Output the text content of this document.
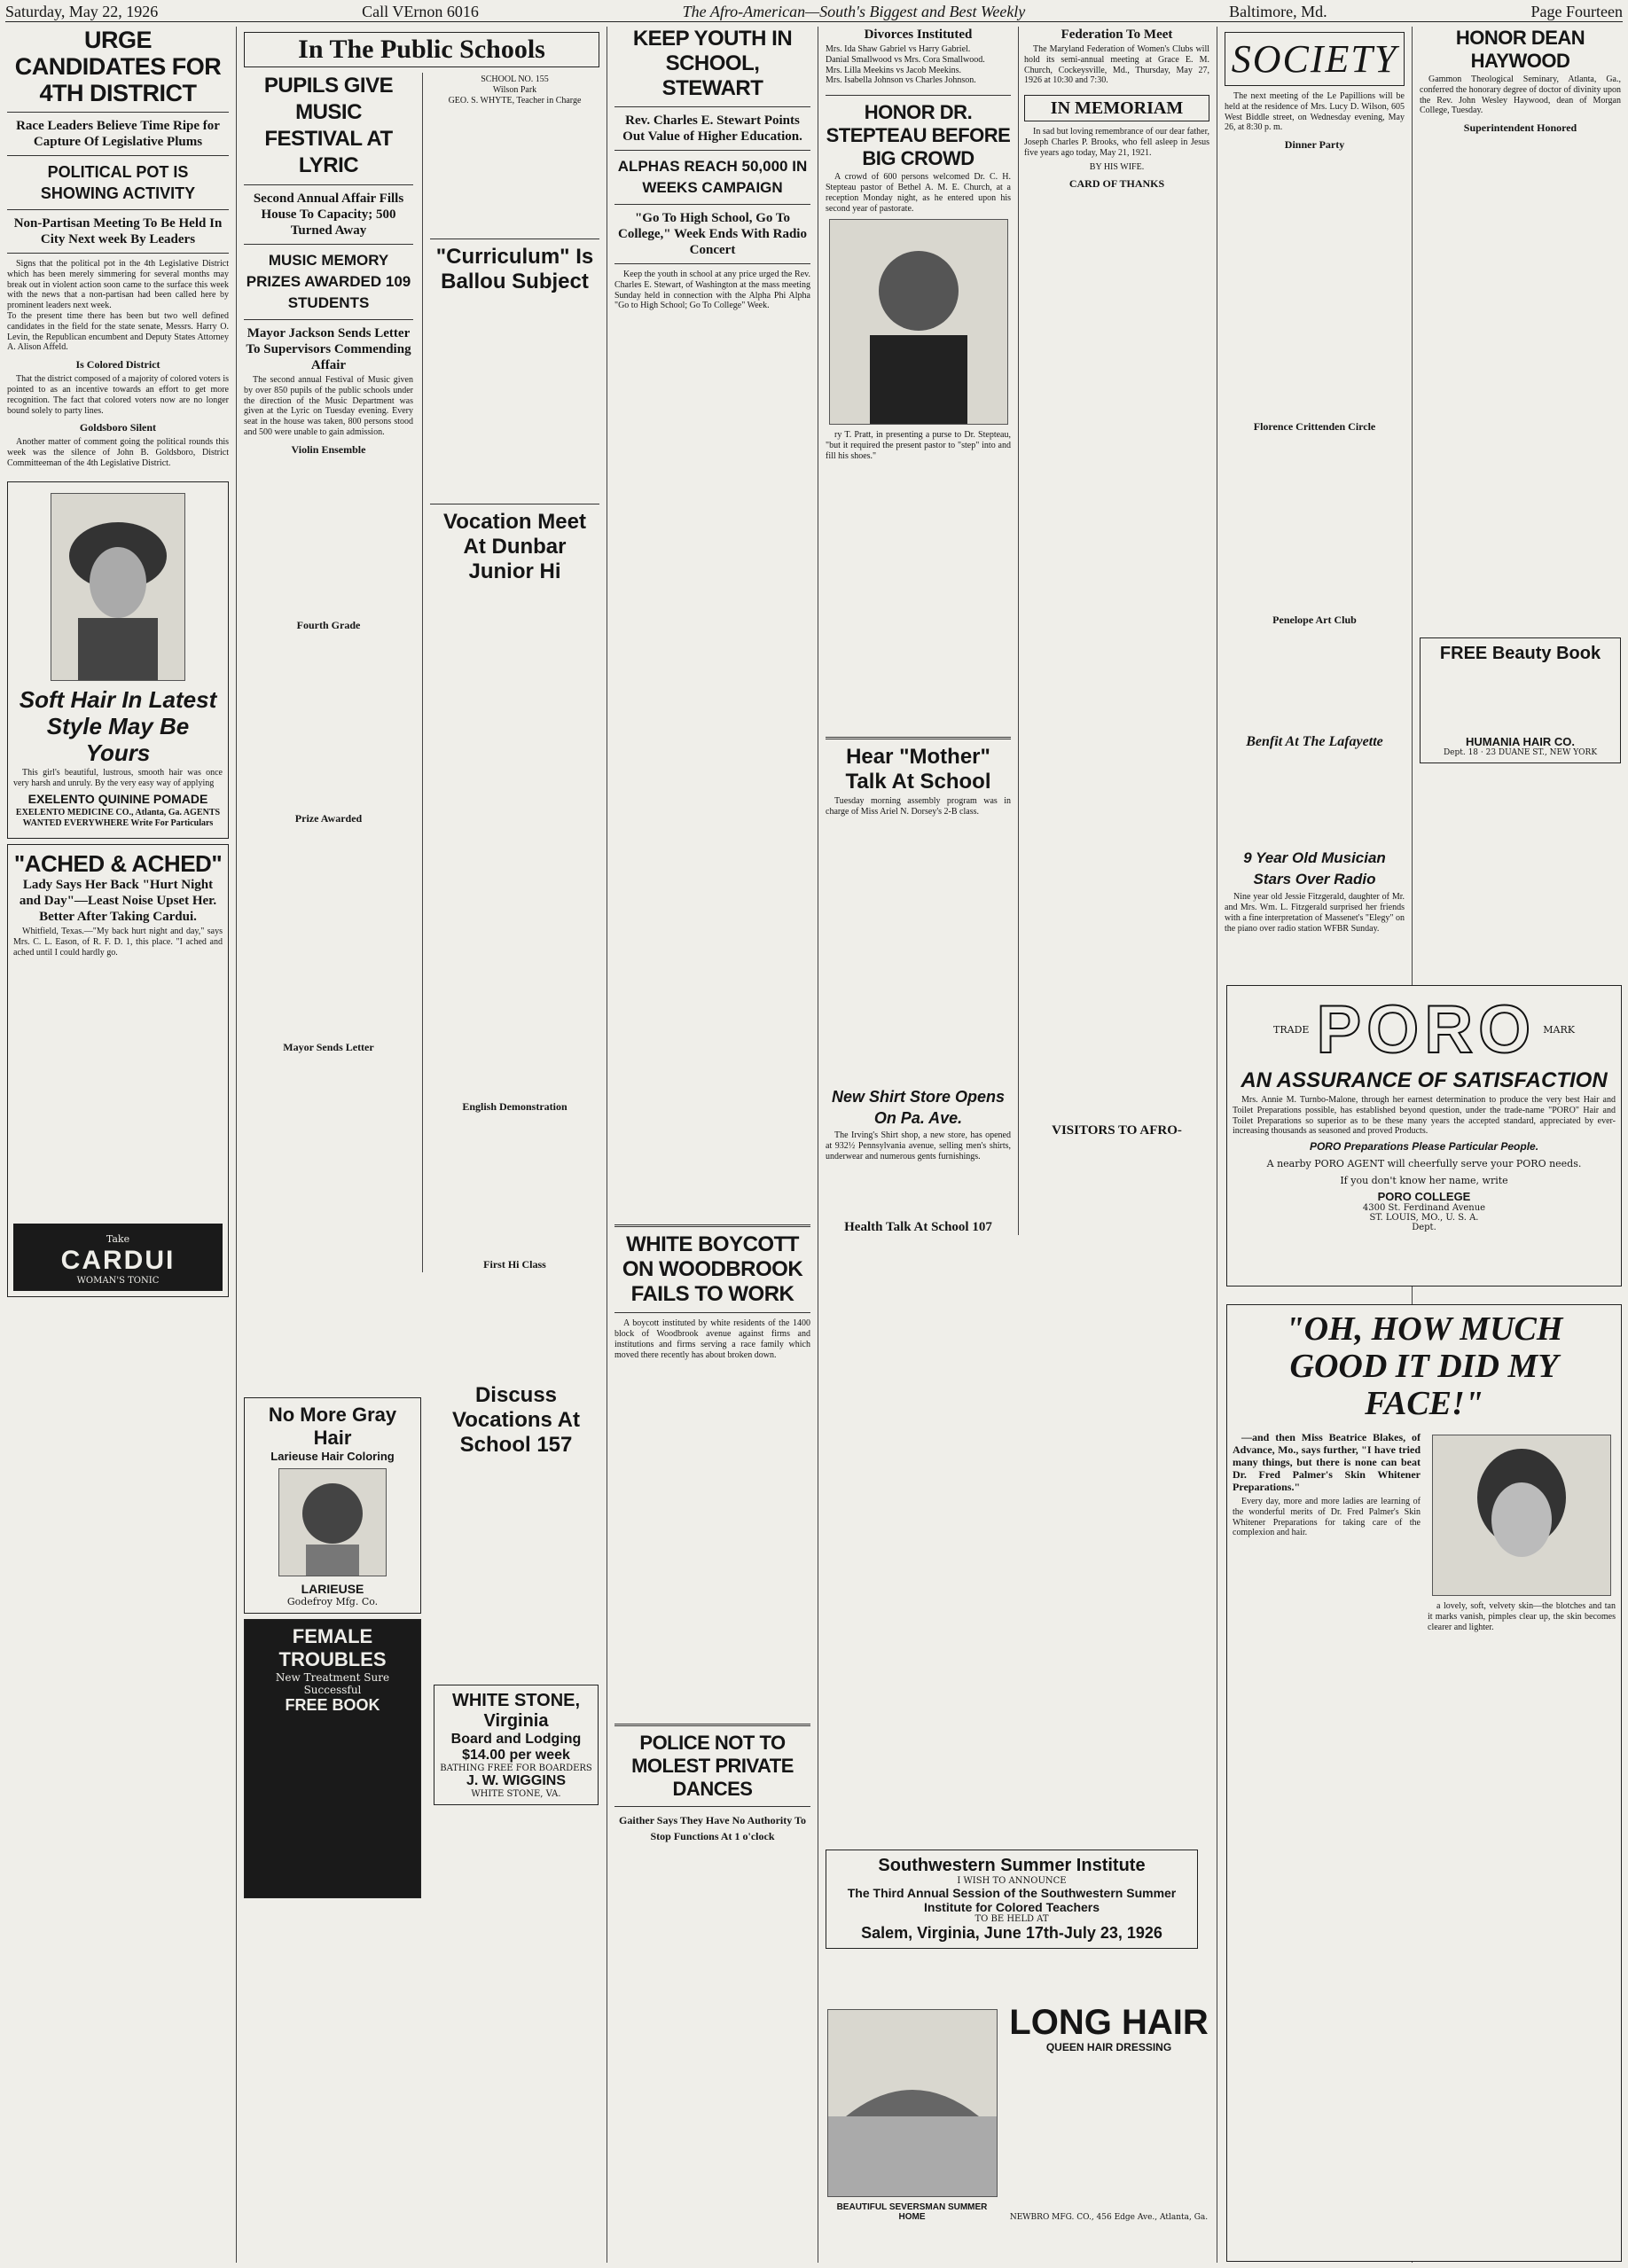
Saturday, May 22, 1926	Call VErnon 6016	The Afro-American—South's Biggest and Best Weekly	Baltimore, Md.	Page Fourteen
URGE CANDIDATES FOR 4TH DISTRICT
Race Leaders Believe Time Ripe for Capture Of Legislative Plums
POLITICAL POT IS SHOWING ACTIVITY
Non-Partisan Meeting To Be Held In City Next week By Leaders

Signs that the political pot in the 4th Legislative District which has been merely simmering for several months may break out in violent action soon came to the surface this week with the news that a non-partisan had been called here by prominent leaders next week.
To the present time there has been but two well defined candidates in the field for the state senate, Messrs. Harry O. Levin, the Republican encumbent and Deputy States Attorney A. Alison Affeld.

Is Colored District

That the district composed of a majority of colored voters is pointed to as an incentive towards an effort to get more recognition. The fact that colored voters now are no longer bound solely to party lines.

Goldsboro Silent

Another matter of comment going the political rounds this week was the silence of John B. Goldsboro, District Committeeman of the 4th Legislative District.

Soft Hair In Latest Style May Be Yours

This girl's beautiful, lustrous, smooth hair was once very harsh and unruly. By the very easy way of applying

EXELENTO QUININE POMADE

EXELENTO MEDICINE CO., Atlanta, Ga. AGENTS WANTED EVERYWHERE Write For Particulars

"ACHED & ACHED"
Lady Says Her Back "Hurt Night and Day"—Least Noise Upset Her. Better After Taking Cardui.

Whitfield, Texas.—"My back hurt night and day," says Mrs. C. L. Eason, of R. F. D. 1, this place. "I ached and ached until I could hardly go.

Take
CARDUI
WOMAN'S TONIC
In The Public Schools
PUPILS GIVE MUSIC FESTIVAL AT LYRIC
Second Annual Affair Fills House To Capacity; 500 Turned Away
MUSIC MEMORY PRIZES AWARDED 109 STUDENTS
Mayor Jackson Sends Letter To Supervisors Commending Affair

The second annual Festival of Music given by over 850 pupils of the public schools under the direction of the Music Department was given at the Lyric on Tuesday evening. Every seat in the house was taken, 800 persons stood and 500 were unable to gain admission.

Violin Ensemble
Fourth Grade
Prize Awarded
Mayor Sends Letter

SCHOOL NO. 155
Wilson Park
GEO. S. WHYTE, Teacher in Charge

"Curriculum" Is Ballou Subject
Vocation Meet At Dunbar Junior Hi
English Demonstration
First Hi Class
No More Gray Hair
Larieuse Hair Coloring
LARIEUSE
Godefroy Mfg. Co.
FEMALE TROUBLES
New Treatment Sure Successful
FREE BOOK
Discuss Vocations At School 157
WHITE STONE, Virginia
Board and Lodging
$14.00 per week
BATHING FREE FOR BOARDERS
J. W. WIGGINS
WHITE STONE, VA.
KEEP YOUTH IN SCHOOL, STEWART
Rev. Charles E. Stewart Points Out Value of Higher Education.
ALPHAS REACH 50,000 IN WEEKS CAMPAIGN
"Go To High School, Go To College," Week Ends With Radio Concert

Keep the youth in school at any price urged the Rev. Charles E. Stewart, of Washington at the mass meeting Sunday held in connection with the Alpha Phi Alpha "Go to High School; Go To College" Week.

WHITE BOYCOTT ON WOODBROOK FAILS TO WORK

A boycott instituted by white residents of the 1400 block of Woodbrook avenue against firms and institutions and firms serving a race family which moved there recently has about broken down.

POLICE NOT TO MOLEST PRIVATE DANCES
Gaither Says They Have No Authority To Stop Functions At 1 o'clock
Divorces Instituted

Mrs. Ida Shaw Gabriel vs Harry Gabriel.
Danial Smallwood vs Mrs. Cora Smallwood.
Mrs. Lilla Meekins vs Jacob Meekins.
Mrs. Isabella Johnson vs Charles Johnson.

Federation To Meet

The Maryland Federation of Women's Clubs will hold its semi-annual meeting at Grace E. M. Church, Cockeysville, Md., Thursday, May 27, 1926 at 10:30 and 7:30.

HONOR DR. STEPTEAU BEFORE BIG CROWD

A crowd of 600 persons welcomed Dr. C. H. Stepteau pastor of Bethel A. M. E. Church, at a reception Monday night, as he entered upon his second year of pastorate.

ry T. Pratt, in presenting a purse to Dr. Stepteau, "but it required the present pastor to "step" into and fill his shoes."

Hear "Mother" Talk At School

Tuesday morning assembly program was in charge of Miss Ariel N. Dorsey's 2-B class.

New Shirt Store Opens On Pa. Ave.

The Irving's Shirt shop, a new store, has opened at 932½ Pennsylvania avenue, selling men's shirts, underwear and numerous gents furnishings.

Health Talk At School 107
IN MEMORIAM

In sad but loving remembrance of our dear father, Joseph Charles P. Brooks, who fell asleep in Jesus five years ago today, May 21, 1921.

BY HIS WIFE.

CARD OF THANKS
VISITORS TO AFRO-
Southwestern Summer Institute
I WISH TO ANNOUNCE
The Third Annual Session of the Southwestern Summer Institute for Colored Teachers
TO BE HELD AT
Salem, Virginia, June 17th-July 23, 1926
BEAUTIFUL SEVERSMAN SUMMER HOME
LONG HAIR
QUEEN HAIR DRESSING
NEWBRO MFG. CO., 456 Edge Ave., Atlanta, Ga.
SOCIETY

The next meeting of the Le Papillions will be held at the residence of Mrs. Lucy D. Wilson, 605 West Biddle street, on Wednesday evening, May 26, at 8:30 p. m.

Dinner Party
Florence Crittenden Circle
Penelope Art Club
Benfit At The Lafayette
9 Year Old Musician Stars Over Radio

Nine year old Jessie Fitzgerald, daughter of Mr. and Mrs. Wm. L. Fitzgerald surprised her friends with a fine interpretation of Massenet's "Elegy" on the piano over radio station WFBR Sunday.

HONOR DEAN HAYWOOD

Gammon Theological Seminary, Atlanta, Ga., conferred the honorary degree of doctor of divinity upon the Rev. John Wesley Haywood, dean of Morgan College, Tuesday.

Superintendent Honored
FREE Beauty Book
HUMANIA HAIR CO.
Dept. 18 · 23 DUANE ST., NEW YORK
TRADE PORO MARK
AN ASSURANCE OF SATISFACTION

Mrs. Annie M. Turnbo-Malone, through her earnest determination to produce the very best Hair and Toilet Preparations possible, has established beyond question, under the trade-name "PORO" Hair and Toilet Preparations so superior as to be these many years the accepted standard, appreciated by ever-increasing thousands as seasoned and proved Products.

PORO Preparations Please Particular People.
A nearby PORO AGENT will cheerfully serve your PORO needs.
If you don't know her name, write
PORO COLLEGE
4300 St. Ferdinand Avenue
ST. LOUIS, MO., U. S. A.
Dept.
"OH, HOW MUCH GOOD IT DID MY FACE!"

—and then Miss Beatrice Blakes, of Advance, Mo., says further, "I have tried many things, but there is none can beat Dr. Fred Palmer's Skin Whitener Preparations."

Every day, more and more ladies are learning of the wonderful merits of Dr. Fred Palmer's Skin Whitener Preparations for taking care of the complexion and hair.

a lovely, soft, velvety skin—the blotches and tan it marks vanish, pimples clear up, the skin becomes clearer and lighter.
